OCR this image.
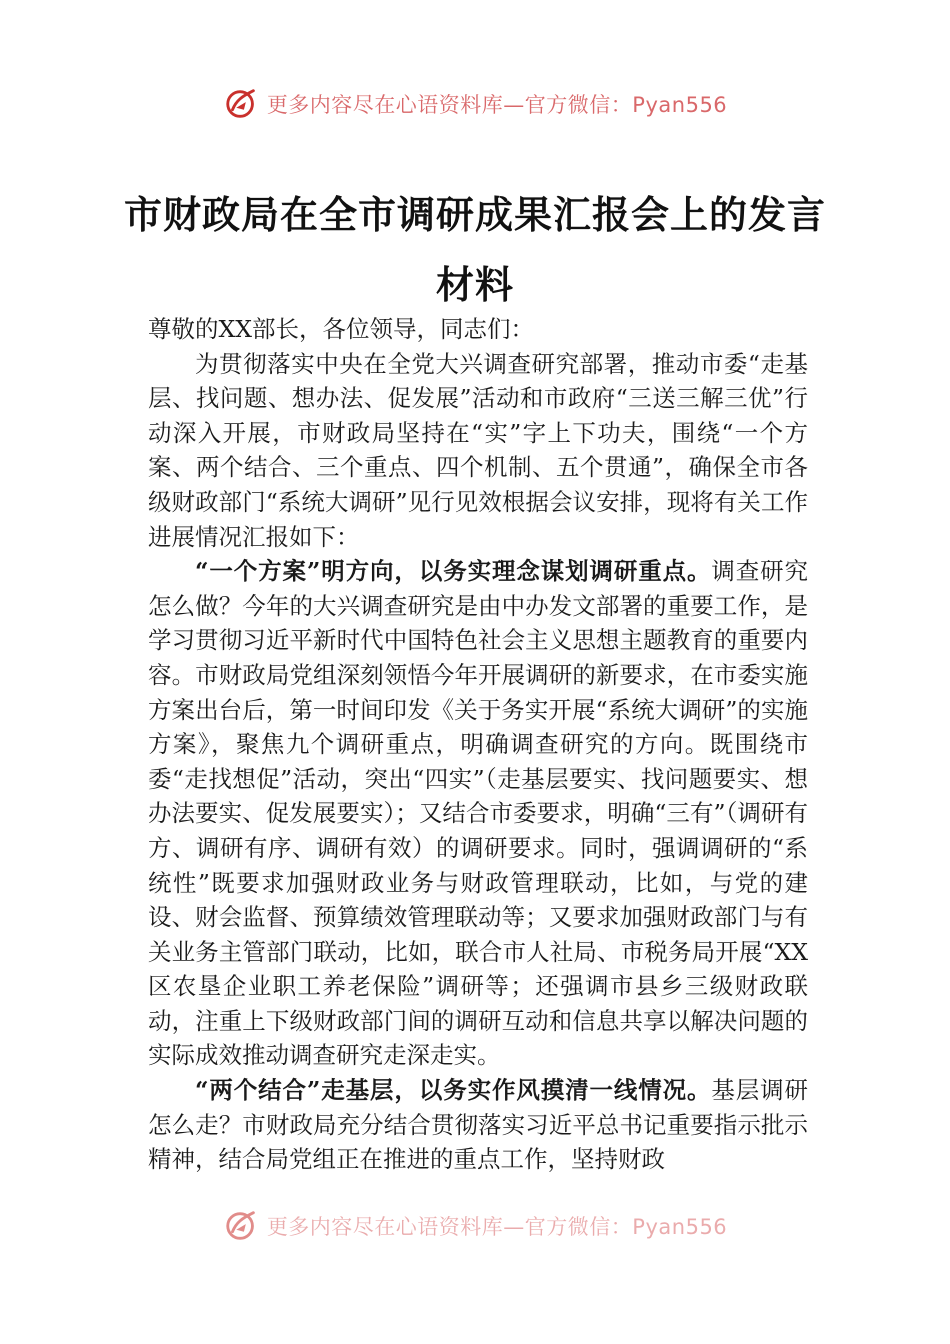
更多内容尽在心语资料库—官方微信：Pyan556
市财政局在全市调研成果汇报会上的发言
材料

尊敬的XX部长，各位领导，同志们：

为贯彻落实中央在全党大兴调查研究部署，推动市委“走基层、找问题、想办法、促发展”活动和市政府“三送三解三优”行动深入开展，市财政局坚持在“实”字上下功夫，围绕“一个方案、两个结合、三个重点、四个机制、五个贯通”，确保全市各级财政部门“系统大调研”见行见效根据会议安排，现将有关工作进展情况汇报如下：

“一个方案”明方向，以务实理念谋划调研重点。调查研究怎么做？今年的大兴调查研究是由中办发文部署的重要工作，是学习贯彻习近平新时代中国特色社会主义思想主题教育的重要内容。市财政局党组深刻领悟今年开展调研的新要求，在市委实施方案出台后，第一时间印发《关于务实开展“系统大调研”的实施方案》，聚焦九个调研重点，明确调查研究的方向。既围绕市委“走找想促”活动，突出“四实”（走基层要实、找问题要实、想办法要实、促发展要实）；又结合市委要求，明确“三有”（调研有方、调研有序、调研有效）的调研要求。同时，强调调研的“系统性”既要求加强财政业务与财政管理联动，比如，与党的建设、财会监督、预算绩效管理联动等；又要求加强财政部门与有关业务主管部门联动，比如，联合市人社局、市税务局开展“XX区农垦企业职工养老保险”调研等；还强调市县乡三级财政联动，注重上下级财政部门间的调研互动和信息共享以解决问题的实际成效推动调查研究走深走实。

“两个结合”走基层，以务实作风摸清一线情况。基层调研怎么走？市财政局充分结合贯彻落实习近平总书记重要指示批示精神，结合局党组正在推进的重点工作，坚持财政

更多内容尽在心语资料库—官方微信：Pyan556
